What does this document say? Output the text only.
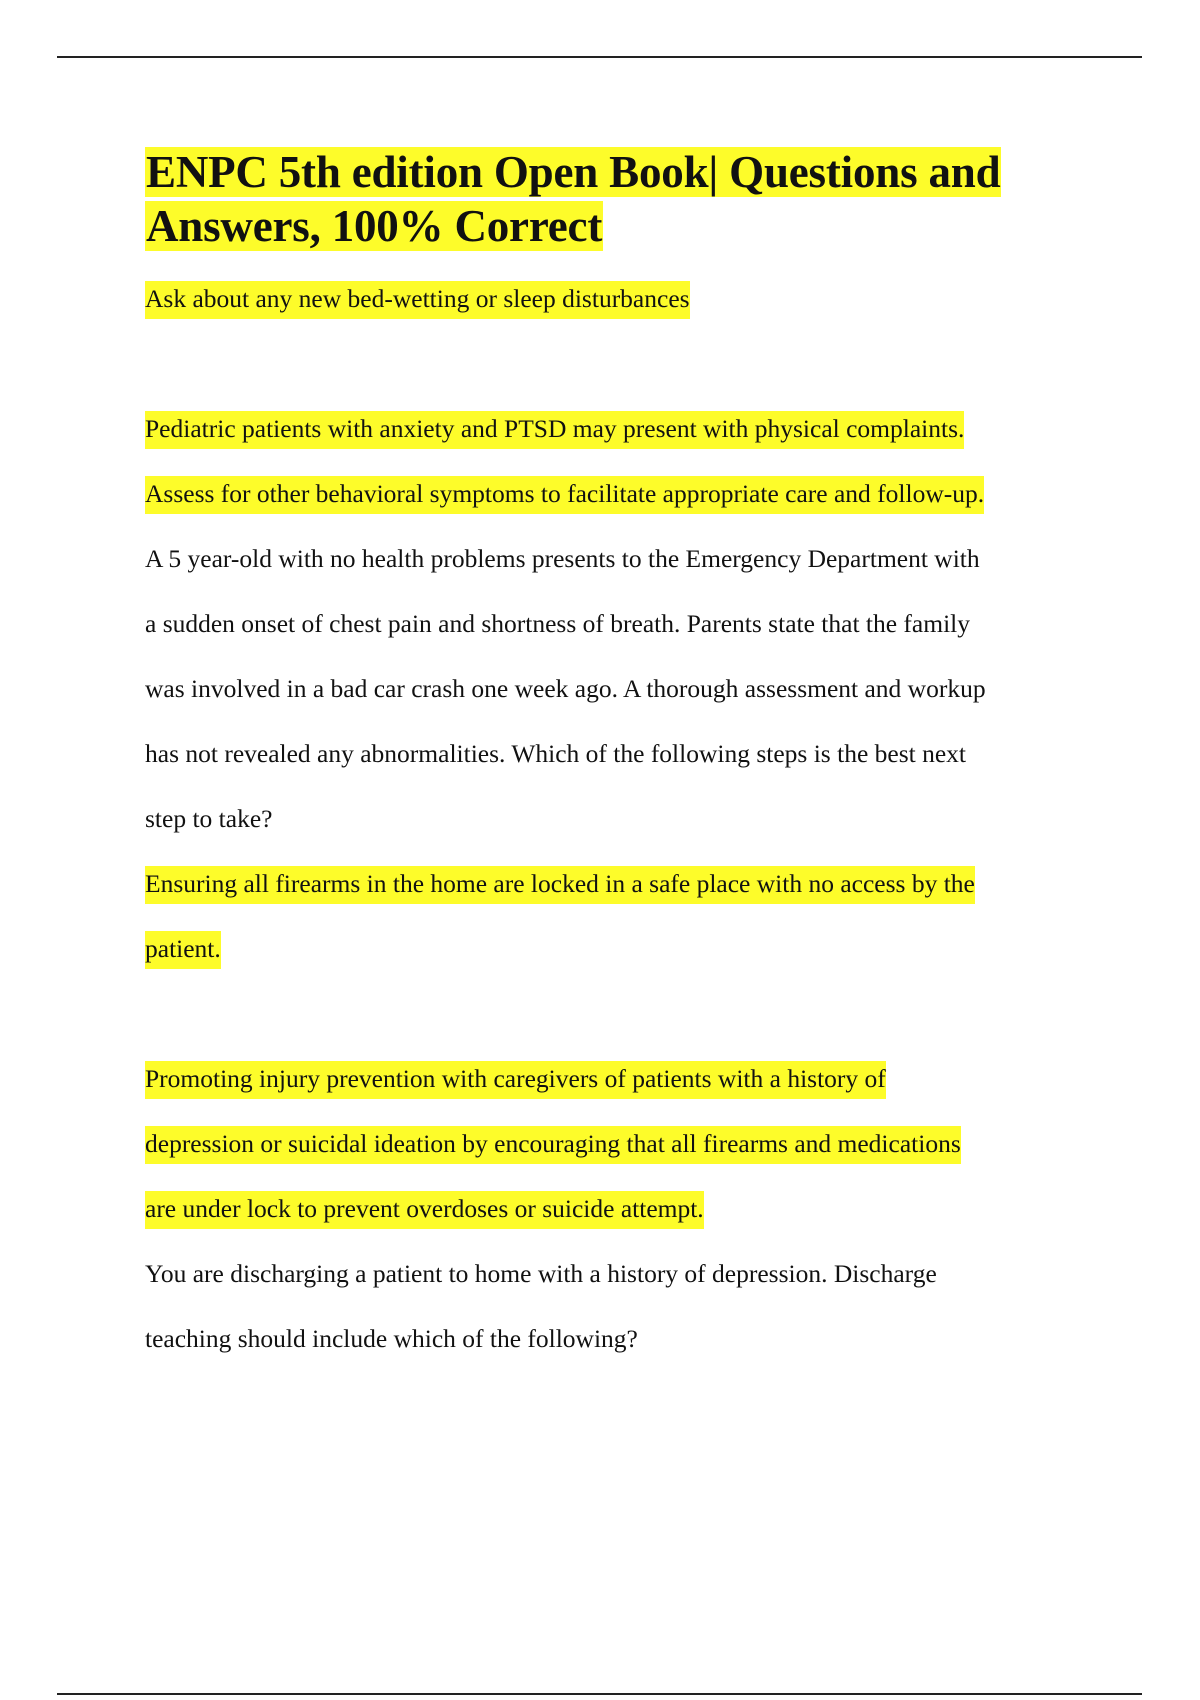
ENPC 5th edition Open Book| Questions and
Answers, 100% Correct

Ask about any new bed-wetting or sleep disturbances

Pediatric patients with anxiety and PTSD may present with physical complaints.

Assess for other behavioral symptoms to facilitate appropriate care and follow-up.

A 5 year-old with no health problems presents to the Emergency Department with

a sudden onset of chest pain and shortness of breath. Parents state that the family

was involved in a bad car crash one week ago. A thorough assessment and workup

has not revealed any abnormalities. Which of the following steps is the best next

step to take?

Ensuring all firearms in the home are locked in a safe place with no access by the

patient.

Promoting injury prevention with caregivers of patients with a history of

depression or suicidal ideation by encouraging that all firearms and medications

are under lock to prevent overdoses or suicide attempt.

You are discharging a patient to home with a history of depression. Discharge

teaching should include which of the following?
